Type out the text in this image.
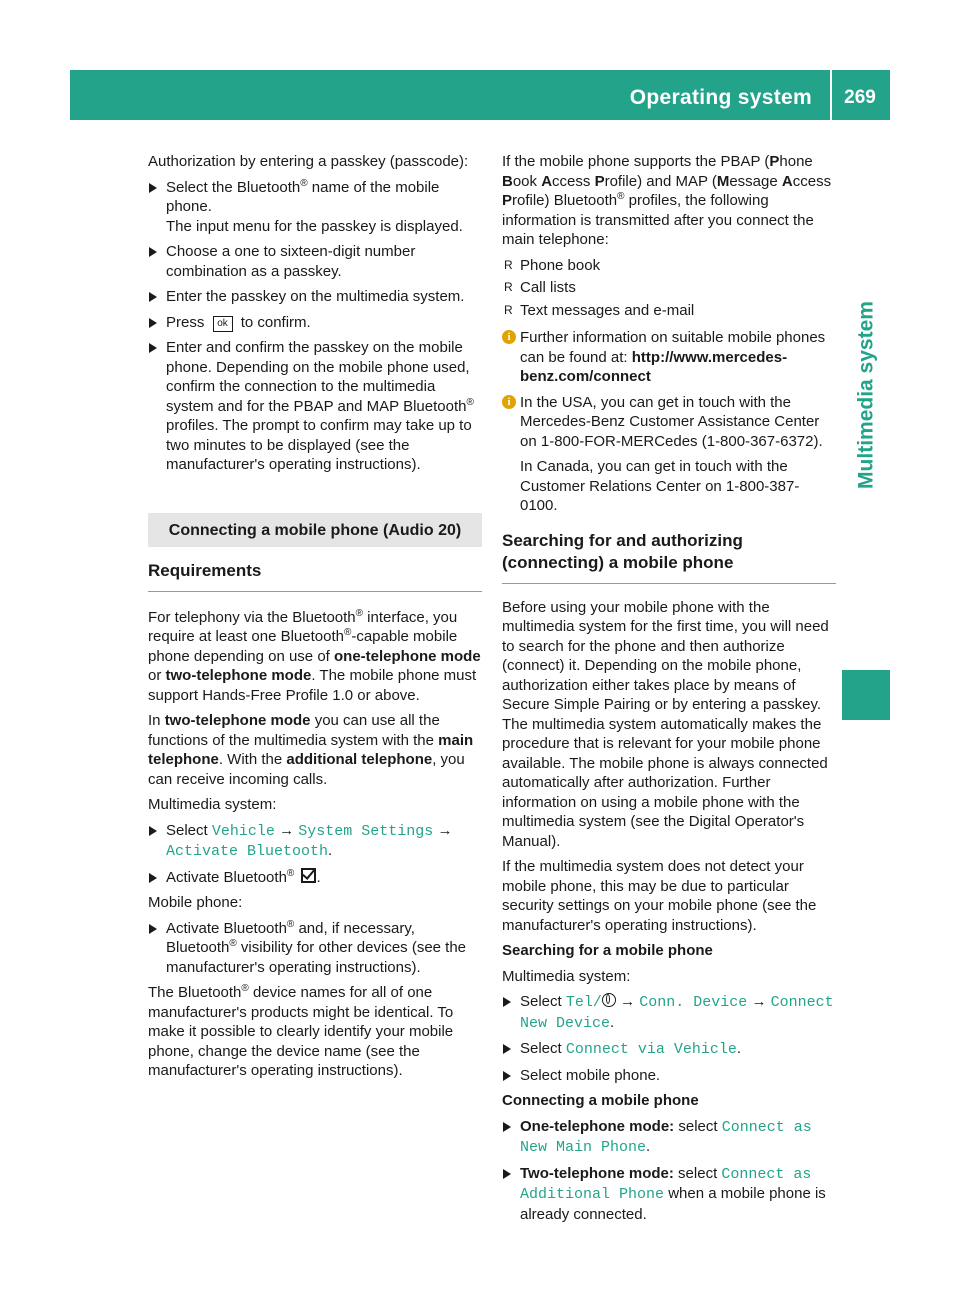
Operating system	269
Multimedia system

Authorization by entering a passkey (passcode):

Select the Bluetooth® name of the mobile phone.
The input menu for the passkey is displayed.
Choose a one to sixteen-digit number combination as a passkey.
Enter the passkey on the multimedia system.
Press ok to confirm.
Enter and confirm the passkey on the mobile phone. Depending on the mobile phone used, confirm the connection to the multimedia system and for the PBAP and MAP Bluetooth® profiles. The prompt to confirm may take up to two minutes to be displayed (see the manufacturer's operating instructions).
Connecting a mobile phone (Audio 20)
Requirements

For telephony via the Bluetooth® interface, you require at least one Bluetooth®-capable mobile phone depending on use of one-telephone mode or two-telephone mode. The mobile phone must support Hands-Free Profile 1.0 or above.

In two-telephone mode you can use all the functions of the multimedia system with the main telephone. With the additional telephone, you can receive incoming calls.

Multimedia system:

Select Vehicle → System Settings → Activate Bluetooth.
Activate Bluetooth® .

Mobile phone:

Activate Bluetooth® and, if necessary, Bluetooth® visibility for other devices (see the manufacturer's operating instructions).

The Bluetooth® device names for all of one manufacturer's products might be identical. To make it possible to clearly identify your mobile phone, change the device name (see the manufacturer's operating instructions).

If the mobile phone supports the PBAP (Phone Book Access Profile) and MAP (Message Access Profile) Bluetooth® profiles, the following information is transmitted after you connect the main telephone:

R Phone book
R Call lists
R Text messages and e-mail
i Further information on suitable mobile phones can be found at: http://www.mercedes-benz.com/connect
i In the USA, you can get in touch with the Mercedes-Benz Customer Assistance Center on 1-800-FOR-MERCedes (1-800-367-6372).

In Canada, you can get in touch with the Customer Relations Center on 1-800-387-0100.

Searching for and authorizing (connecting) a mobile phone

Before using your mobile phone with the multimedia system for the first time, you will need to search for the phone and then authorize (connect) it. Depending on the mobile phone, authorization either takes place by means of Secure Simple Pairing or by entering a passkey. The multimedia system automatically makes the procedure that is relevant for your mobile phone available. The mobile phone is always connected automatically after authorization. Further information on using a mobile phone with the multimedia system (see the Digital Operator's Manual).

If the multimedia system does not detect your mobile phone, this may be due to particular security settings on your mobile phone (see the manufacturer's operating instructions).

Searching for a mobile phone

Multimedia system:

Select Tel/ → Conn. Device → Connect New Device.
Select Connect via Vehicle.
Select mobile phone.

Connecting a mobile phone

One-telephone mode: select Connect as New Main Phone.
Two-telephone mode: select Connect as Additional Phone when a mobile phone is already connected.
